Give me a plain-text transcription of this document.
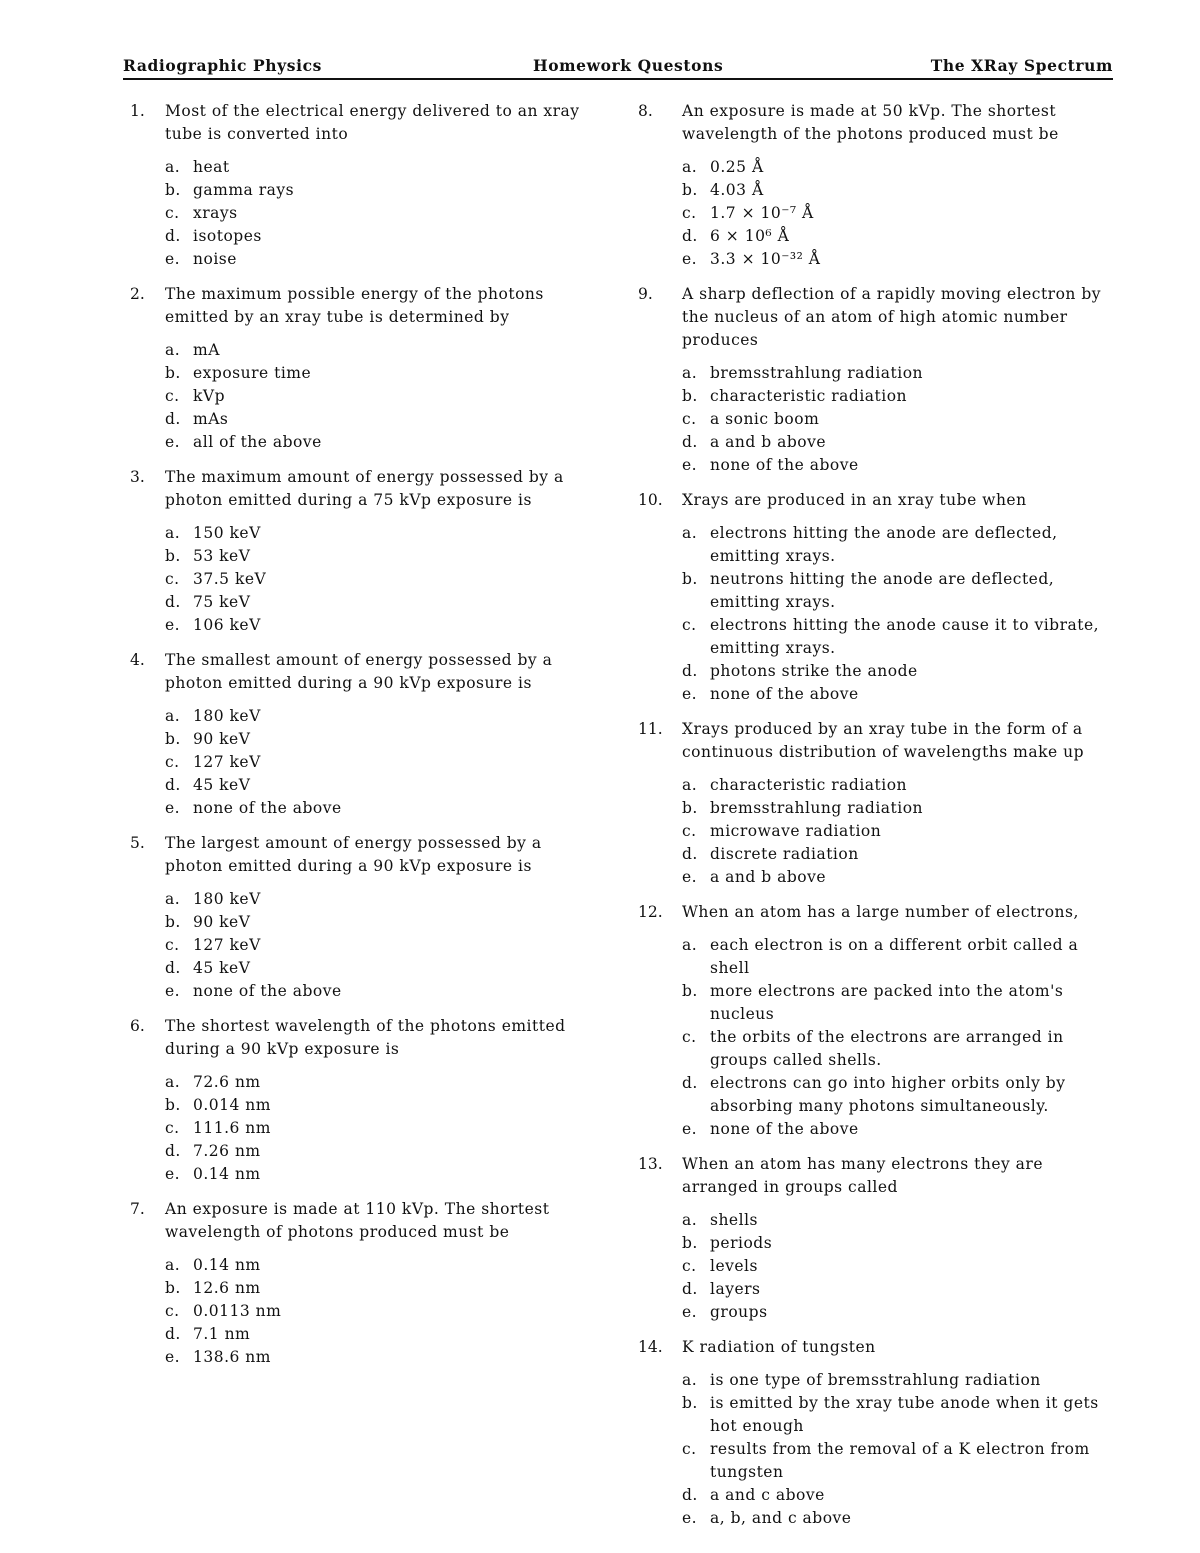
Radiographic Physics	Homework Questons	The XRay Spectrum
1.	Most of the electrical energy delivered to an xray tube is converted into
a. heat
b. gamma rays
c. xrays
d. isotopes
e. noise
2.	The maximum possible energy of the photons emitted by an xray tube is determined by
a. mA
b. exposure time
c. kVp
d. mAs
e. all of the above
3.	The maximum amount of energy possessed by a photon emitted during a 75 kVp exposure is
a. 150 keV
b. 53 keV
c. 37.5 keV
d. 75 keV
e. 106 keV
4.	The smallest amount of energy possessed by a photon emitted during a 90 kVp exposure is
a. 180 keV
b. 90 keV
c. 127 keV
d. 45 keV
e. none of the above
5.	The largest amount of energy possessed by a photon emitted during a 90 kVp exposure is
a. 180 keV
b. 90 keV
c. 127 keV
d. 45 keV
e. none of the above
6.	The shortest wavelength of the photons emitted during a 90 kVp exposure is
a. 72.6 nm
b. 0.014 nm
c. 111.6 nm
d. 7.26 nm
e. 0.14 nm
7.	An exposure is made at 110 kVp. The shortest wavelength of photons produced must be
a. 0.14 nm
b. 12.6 nm
c. 0.0113 nm
d. 7.1 nm
e. 138.6 nm
8.	An exposure is made at 50 kVp. The shortest wavelength of the photons produced must be
a. 0.25 Å
b. 4.03 Å
c. 1.7 × 10⁻⁷ Å
d. 6 × 10⁶ Å
e. 3.3 × 10⁻³² Å
9.	A sharp deflection of a rapidly moving electron by the nucleus of an atom of high atomic number produces
a. bremsstrahlung radiation
b. characteristic radiation
c. a sonic boom
d. a and b above
e. none of the above
10.	Xrays are produced in an xray tube when
a. electrons hitting the anode are deflected, emitting xrays.
b. neutrons hitting the anode are deflected, emitting xrays.
c. electrons hitting the anode cause it to vibrate, emitting xrays.
d. photons strike the anode
e. none of the above
11.	Xrays produced by an xray tube in the form of a continuous distribution of wavelengths make up
a. characteristic radiation
b. bremsstrahlung radiation
c. microwave radiation
d. discrete radiation
e. a and b above
12.	When an atom has a large number of electrons,
a. each electron is on a different orbit called a shell
b. more electrons are packed into the atom's nucleus
c. the orbits of the electrons are arranged in groups called shells.
d. electrons can go into higher orbits only by absorbing many photons simultaneously.
e. none of the above
13.	When an atom has many electrons they are arranged in groups called
a. shells
b. periods
c. levels
d. layers
e. groups
14.	K radiation of tungsten
a. is one type of bremsstrahlung radiation
b. is emitted by the xray tube anode when it gets hot enough
c. results from the removal of a K electron from tungsten
d. a and c above
e. a, b, and c above
